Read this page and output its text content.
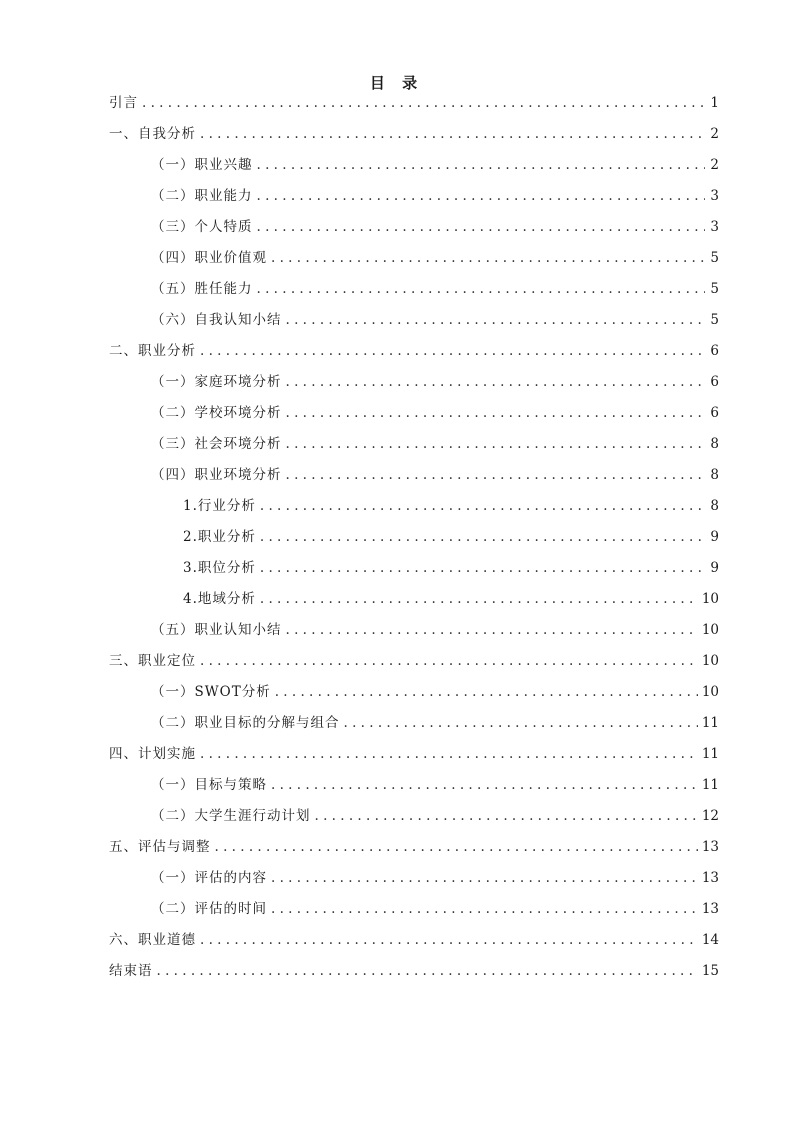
目 录
引言 . . .	1
一、自我分析 . . .	2
（一）职业兴趣 . . .	2
（二）职业能力 . . .	3
（三）个人特质 . . .	3
（四）职业价值观 . . .	5
（五）胜任能力 . . .	5
（六）自我认知小结 . . .	5
二、职业分析 . . .	6
（一）家庭环境分析 . . .	6
（二）学校环境分析 . . .	6
（三）社会环境分析 . . .	8
（四）职业环境分析 . . .	8
1.行业分析 . . .	8
2.职业分析 . . .	9
3.职位分析 . . .	9
4.地域分析 . . .	10
（五）职业认知小结 . . .	10
三、职业定位 . . .	10
（一）SWOT分析 . . .	10
（二）职业目标的分解与组合 . . .	11
四、计划实施 . . .	11
（一）目标与策略 . . .	11
（二）大学生涯行动计划 . . .	12
五、评估与调整 . . .	13
（一）评估的内容 . . .	13
（二）评估的时间 . . .	13
六、职业道德 . . .	14
结束语 . . .	15
